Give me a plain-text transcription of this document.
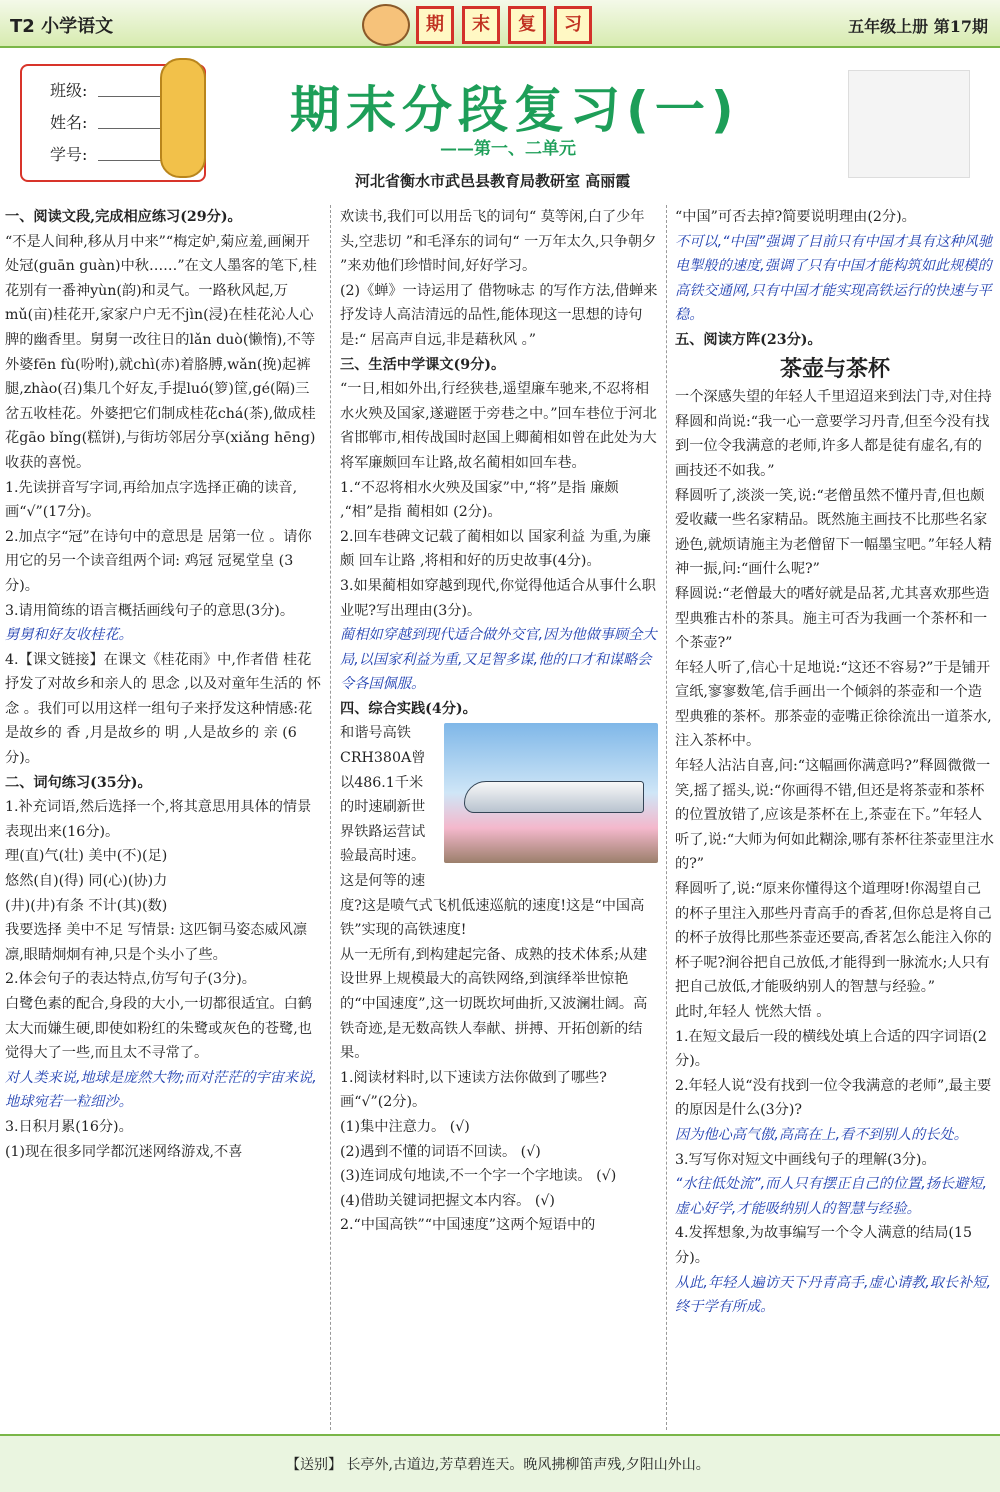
T2 小学语文	期	末	复	习	五年级上册 第17期
班级:
姓名:
学号:
期末分段复习(一)
——第一、二单元
河北省衡水市武邑县教育局教研室 高丽霞

一、阅读文段,完成相应练习(29分)。

“不是人间种,移从月中来”“梅定妒,菊应羞,画阑开处冠(guān guàn)中秋……”在文人墨客的笔下,桂花别有一番神yùn(韵)和灵气。一路秋风起,万mǔ(亩)桂花开,家家户户无不jìn(浸)在桂花沁人心脾的幽香里。舅舅一改往日的lǎn duò(懒惰),不等外婆fēn fù(吩咐),就chì(赤)着胳膊,wǎn(挽)起裤腿,zhào(召)集几个好友,手提luó(箩)筐,gé(隔)三岔五收桂花。外婆把它们制成桂花chá(茶),做成桂花gāo bǐng(糕饼),与街坊邻居分享(xiǎng hēng)收获的喜悦。

1.先读拼音写字词,再给加点字选择正确的读音,画“√”(17分)。

2.加点字“冠”在诗句中的意思是 居第一位 。请你用它的另一个读音组两个词: 鸡冠 冠冕堂皇 (3分)。

3.请用简练的语言概括画线句子的意思(3分)。

舅舅和好友收桂花。

4.【课文链接】在课文《桂花雨》中,作者借 桂花 抒发了对故乡和亲人的 思念 ,以及对童年生活的 怀念 。我们可以用这样一组句子来抒发这种情感:花是故乡的 香 ,月是故乡的 明 ,人是故乡的 亲 (6分)。

二、词句练习(35分)。

1.补充词语,然后选择一个,将其意思用具体的情景表现出来(16分)。

理(直)气(壮) 美中(不)(足)

悠然(自)(得) 同(心)(协)力

(井)(井)有条 不计(其)(数)

我要选择 美中不足 写情景: 这匹铜马姿态威风凛凛,眼睛炯炯有神,只是个头小了些。

2.体会句子的表达特点,仿写句子(3分)。

白鹭色素的配合,身段的大小,一切都很适宜。白鹤太大而嫌生硬,即使如粉红的朱鹭或灰色的苍鹭,也觉得大了一些,而且太不寻常了。

对人类来说,地球是庞然大物;而对茫茫的宇宙来说,地球宛若一粒细沙。

3.日积月累(16分)。

(1)现在很多同学都沉迷网络游戏,不喜

欢读书,我们可以用岳飞的词句“ 莫等闲,白了少年头,空悲切 ”和毛泽东的词句“ 一万年太久,只争朝夕 ”来劝他们珍惜时间,好好学习。

(2)《蝉》一诗运用了 借物咏志 的写作方法,借蝉来抒发诗人高洁清远的品性,能体现这一思想的诗句是:“ 居高声自远,非是藉秋风 。”

三、生活中学课文(9分)。

“一日,相如外出,行经狭巷,遥望廉车驰来,不忍将相水火殃及国家,遂避匿于旁巷之中。”回车巷位于河北省邯郸市,相传战国时赵国上卿蔺相如曾在此处为大将军廉颇回车让路,故名蔺相如回车巷。

1.“不忍将相水火殃及国家”中,“将”是指 廉颇 ,“相”是指 蔺相如 (2分)。

2.回车巷碑文记载了蔺相如以 国家利益 为重,为廉颇 回车让路 ,将相和好的历史故事(4分)。

3.如果蔺相如穿越到现代,你觉得他适合从事什么职业呢?写出理由(3分)。

蔺相如穿越到现代适合做外交官,因为他做事顾全大局,以国家利益为重,又足智多谋,他的口才和谋略会令各国佩服。

四、综合实践(4分)。

和谐号高铁CRH380A曾以486.1千米的时速刷新世界铁路运营试验最高时速。这是何等的速度?这是喷气式飞机低速巡航的速度!这是“中国高铁”实现的高铁速度!

从一无所有,到构建起完备、成熟的技术体系;从建设世界上规模最大的高铁网络,到演绎举世惊艳的“中国速度”,这一切既坎坷曲折,又波澜壮阔。高铁奇迹,是无数高铁人奉献、拼搏、开拓创新的结果。

1.阅读材料时,以下速读方法你做到了哪些?画“√”(2分)。

(1)集中注意力。 (√)

(2)遇到不懂的词语不回读。 (√)

(3)连词成句地读,不一个字一个字地读。 (√)

(4)借助关键词把握文本内容。 (√)

2.“中国高铁”“中国速度”这两个短语中的

“中国”可否去掉?简要说明理由(2分)。

不可以,“中国”强调了目前只有中国才具有这种风驰电掣般的速度,强调了只有中国才能构筑如此规模的高铁交通网,只有中国才能实现高铁运行的快速与平稳。

五、阅读方阵(23分)。

茶壶与茶杯

一个深感失望的年轻人千里迢迢来到法门寺,对住持释圆和尚说:“我一心一意要学习丹青,但至今没有找到一位令我满意的老师,许多人都是徒有虚名,有的画技还不如我。”

释圆听了,淡淡一笑,说:“老僧虽然不懂丹青,但也颇爱收藏一些名家精品。既然施主画技不比那些名家逊色,就烦请施主为老僧留下一幅墨宝吧。”年轻人精神一振,问:“画什么呢?”

释圆说:“老僧最大的嗜好就是品茗,尤其喜欢那些造型典雅古朴的茶具。施主可否为我画一个茶杯和一个茶壶?”

年轻人听了,信心十足地说:“这还不容易?”于是铺开宣纸,寥寥数笔,信手画出一个倾斜的茶壶和一个造型典雅的茶杯。那茶壶的壶嘴正徐徐流出一道茶水,注入茶杯中。

年轻人沾沾自喜,问:“这幅画你满意吗?”释圆微微一笑,摇了摇头,说:“你画得不错,但还是将茶壶和茶杯的位置放错了,应该是茶杯在上,茶壶在下。”年轻人听了,说:“大师为何如此糊涂,哪有茶杯往茶壶里注水的?”

释圆听了,说:“原来你懂得这个道理呀!你渴望自己的杯子里注入那些丹青高手的香茗,但你总是将自己的杯子放得比那些茶壶还要高,香茗怎么能注入你的杯子呢?涧谷把自己放低,才能得到一脉流水;人只有把自己放低,才能吸纳别人的智慧与经验。”

此时,年轻人 恍然大悟 。

1.在短文最后一段的横线处填上合适的四字词语(2分)。

2.年轻人说“没有找到一位令我满意的老师”,最主要的原因是什么(3分)?

因为他心高气傲,高高在上,看不到别人的长处。

3.写写你对短文中画线句子的理解(3分)。

“水往低处流”,而人只有摆正自己的位置,扬长避短,虚心好学,才能吸纳别人的智慧与经验。

4.发挥想象,为故事编写一个令人满意的结局(15分)。

从此,年轻人遍访天下丹青高手,虚心请教,取长补短,终于学有所成。

【送别】 长亭外,古道边,芳草碧连天。晚风拂柳笛声残,夕阳山外山。
